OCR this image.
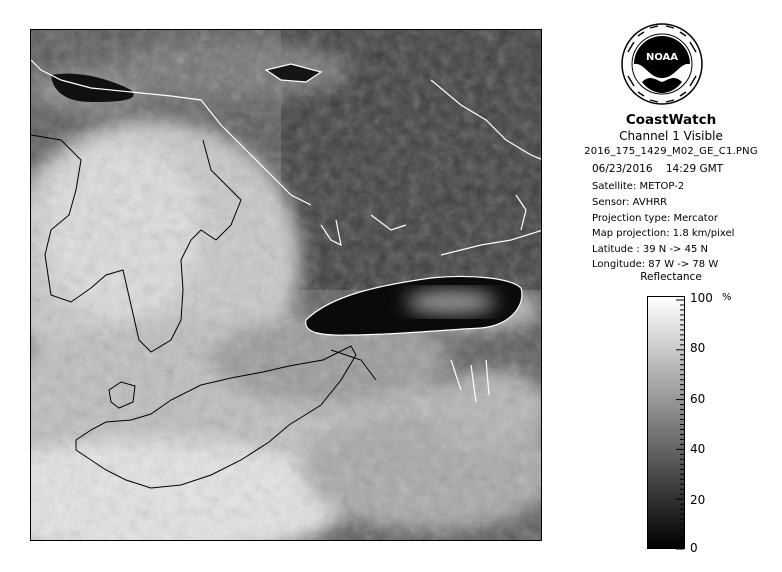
NOAA
CoastWatch
Channel 1 Visible
2016_175_1429_M02_GE_C1.PNG
06/23/2016    14:29 GMT
Satellite: METOP-2
Sensor: AVHRR
Projection type: Mercator
Map projection: 1.8 km/pixel
Latitude : 39 N -> 45 N
Longitude: 87 W -> 78 W
Reflectance
100
80
60
40
20
0
%
